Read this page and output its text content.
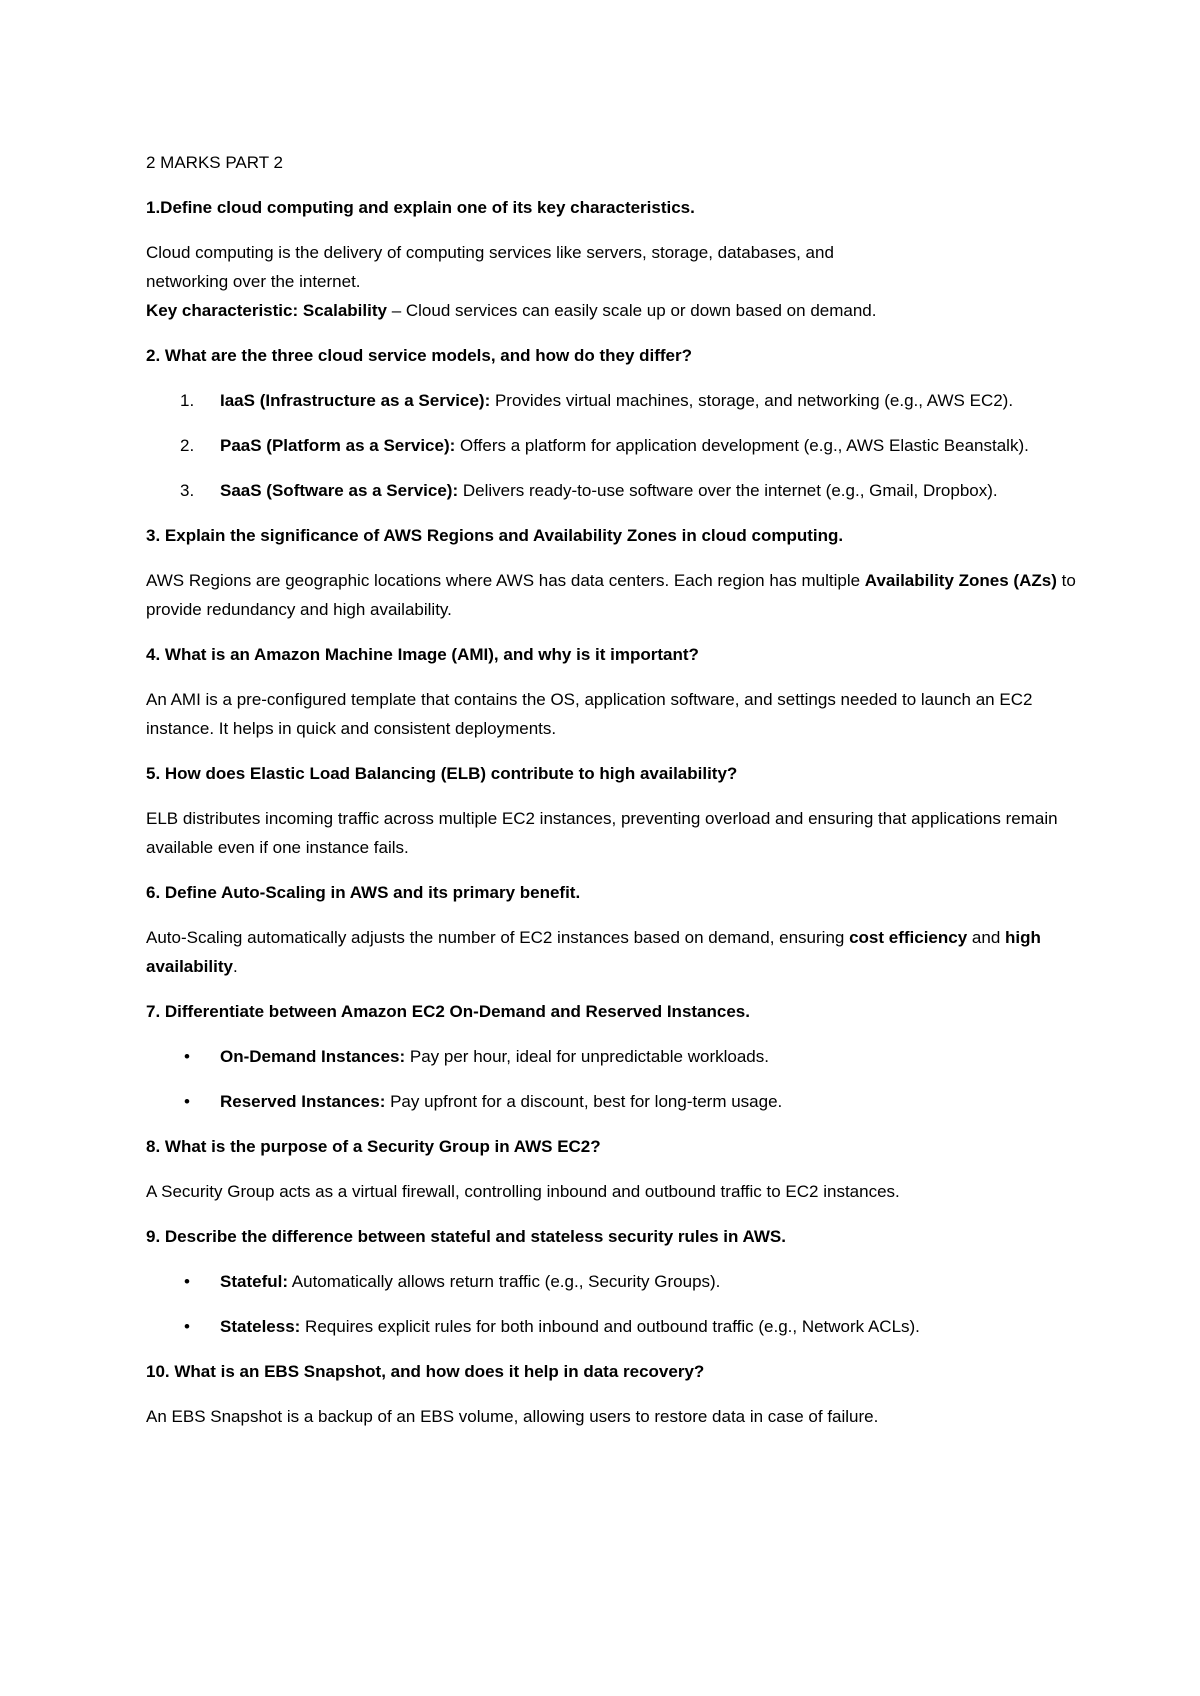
2 MARKS PART 2
1.Define cloud computing and explain one of its key characteristics.
Cloud computing is the delivery of computing services like servers, storage, databases, and
networking over the internet.
Key characteristic: Scalability – Cloud services can easily scale up or down based on demand.
2. What are the three cloud service models, and how do they differ?
1. IaaS (Infrastructure as a Service): Provides virtual machines, storage, and networking (e.g., AWS EC2).
2. PaaS (Platform as a Service): Offers a platform for application development (e.g., AWS Elastic Beanstalk).
3. SaaS (Software as a Service): Delivers ready-to-use software over the internet (e.g., Gmail, Dropbox).
3. Explain the significance of AWS Regions and Availability Zones in cloud computing.
AWS Regions are geographic locations where AWS has data centers. Each region has multiple Availability Zones (AZs) to provide redundancy and high availability.
4. What is an Amazon Machine Image (AMI), and why is it important?
An AMI is a pre-configured template that contains the OS, application software, and settings needed to launch an EC2 instance. It helps in quick and consistent deployments.
5. How does Elastic Load Balancing (ELB) contribute to high availability?
ELB distributes incoming traffic across multiple EC2 instances, preventing overload and ensuring that applications remain available even if one instance fails.
6. Define Auto-Scaling in AWS and its primary benefit.
Auto-Scaling automatically adjusts the number of EC2 instances based on demand, ensuring cost efficiency and high availability.
7. Differentiate between Amazon EC2 On-Demand and Reserved Instances.
• On-Demand Instances: Pay per hour, ideal for unpredictable workloads.
• Reserved Instances: Pay upfront for a discount, best for long-term usage.
8. What is the purpose of a Security Group in AWS EC2?
A Security Group acts as a virtual firewall, controlling inbound and outbound traffic to EC2 instances.
9. Describe the difference between stateful and stateless security rules in AWS.
• Stateful: Automatically allows return traffic (e.g., Security Groups).
• Stateless: Requires explicit rules for both inbound and outbound traffic (e.g., Network ACLs).
10. What is an EBS Snapshot, and how does it help in data recovery?
An EBS Snapshot is a backup of an EBS volume, allowing users to restore data in case of failure.
